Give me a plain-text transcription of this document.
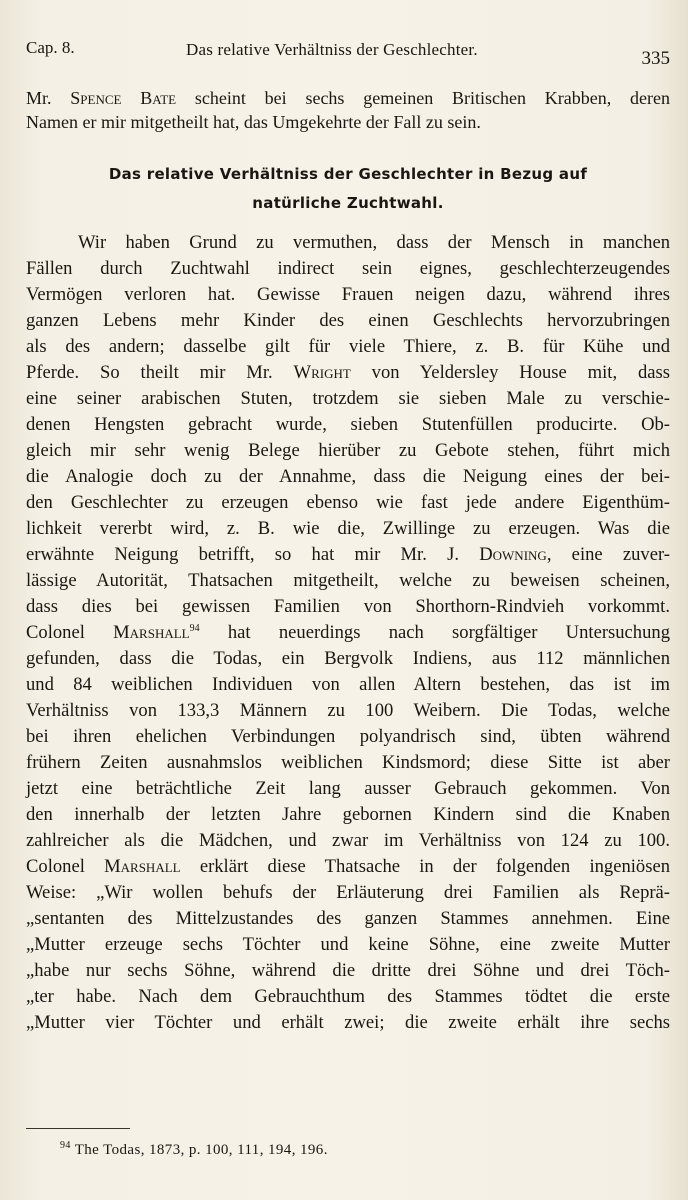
Cap. 8.	Das relative Verhältniss der Geschlechter.	335
Mr. Spence Bate scheint bei sechs gemeinen Britischen Krabben, deren
Namen er mir mitgetheilt hat, das Umgekehrte der Fall zu sein.
Das relative Verhältniss der Geschlechter in Bezug auf
natürliche Zuchtwahl.
Wir haben Grund zu vermuthen, dass der Mensch in manchen
Fällen durch Zuchtwahl indirect sein eignes, geschlechterzeugendes
Vermögen verloren hat. Gewisse Frauen neigen dazu, während ihres
ganzen Lebens mehr Kinder des einen Geschlechts hervorzubringen
als des andern; dasselbe gilt für viele Thiere, z. B. für Kühe und
Pferde. So theilt mir Mr. Wright von Yeldersley House mit, dass
eine seiner arabischen Stuten, trotzdem sie sieben Male zu verschie-
denen Hengsten gebracht wurde, sieben Stutenfüllen producirte. Ob-
gleich mir sehr wenig Belege hierüber zu Gebote stehen, führt mich
die Analogie doch zu der Annahme, dass die Neigung eines der bei-
den Geschlechter zu erzeugen ebenso wie fast jede andere Eigenthüm-
lichkeit vererbt wird, z. B. wie die, Zwillinge zu erzeugen. Was die
erwähnte Neigung betrifft, so hat mir Mr. J. Downing, eine zuver-
lässige Autorität, Thatsachen mitgetheilt, welche zu beweisen scheinen,
dass dies bei gewissen Familien von Shorthorn-Rindvieh vorkommt.
Colonel Marshall$^{94}$ hat neuerdings nach sorgfältiger Untersuchung
gefunden, dass die Todas, ein Bergvolk Indiens, aus 112 männlichen
und 84 weiblichen Individuen von allen Altern bestehen, das ist im
Verhältniss von 133,3 Männern zu 100 Weibern. Die Todas, welche
bei ihren ehelichen Verbindungen polyandrisch sind, übten während
frühern Zeiten ausnahmslos weiblichen Kindsmord; diese Sitte ist aber
jetzt eine beträchtliche Zeit lang ausser Gebrauch gekommen. Von
den innerhalb der letzten Jahre gebornen Kindern sind die Knaben
zahlreicher als die Mädchen, und zwar im Verhältniss von 124 zu 100.
Colonel Marshall erklärt diese Thatsache in der folgenden ingeniösen
Weise: „Wir wollen behufs der Erläuterung drei Familien als Reprä-
„sentanten des Mittelzustandes des ganzen Stammes annehmen. Eine
„Mutter erzeuge sechs Töchter und keine Söhne, eine zweite Mutter
„habe nur sechs Söhne, während die dritte drei Söhne und drei Töch-
„ter habe. Nach dem Gebrauchthum des Stammes tödtet die erste
„Mutter vier Töchter und erhält zwei; die zweite erhält ihre sechs
$^{94}$ The Todas, 1873, p. 100, 111, 194, 196.
